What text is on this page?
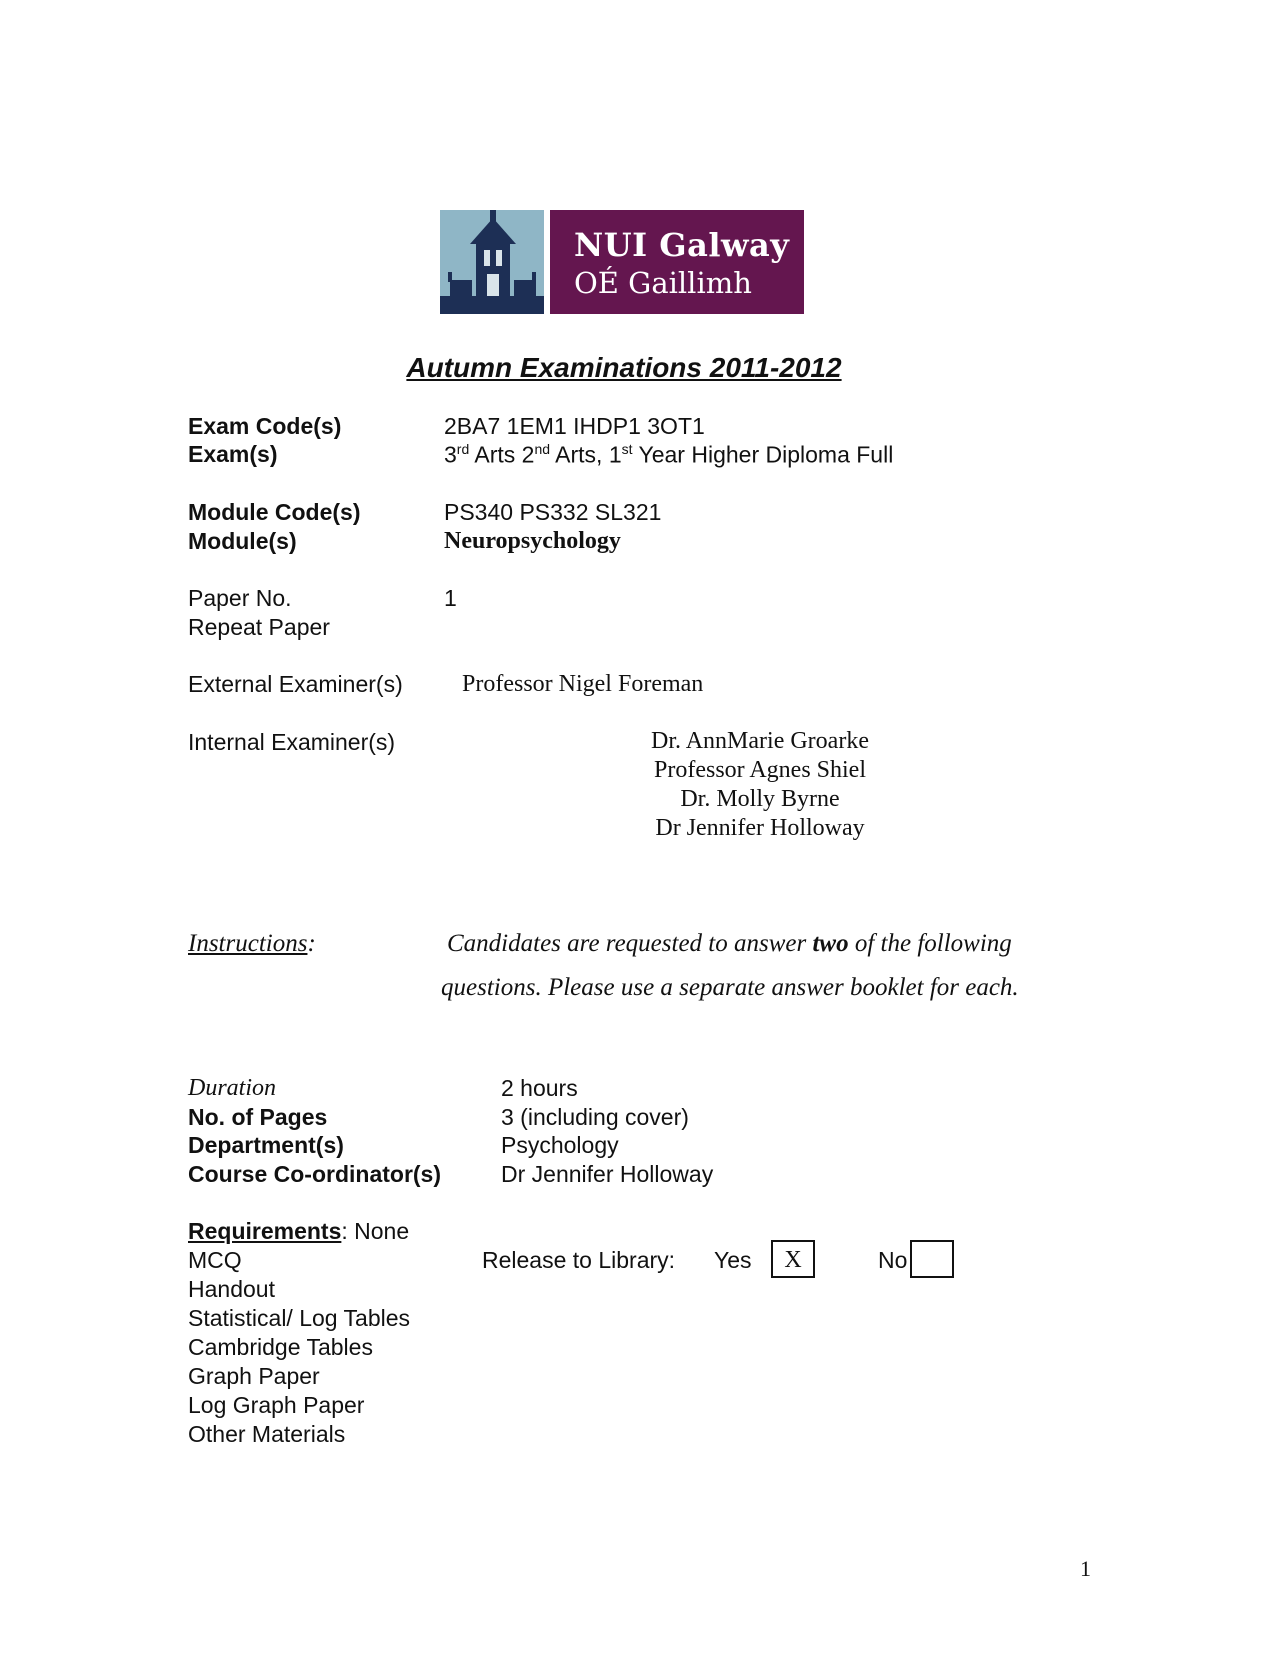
NUI Galway
OÉ Gaillimh
Autumn Examinations 2011-2012
Exam Code(s)	2BA7 1EM1 IHDP1 3OT1
Exam(s)	3rd Arts 2nd Arts, 1st Year Higher Diploma Full
Module Code(s)	PS340 PS332 SL321
Module(s)	Neuropsychology
Paper No.	1
Repeat Paper
External Examiner(s) Professor Nigel Foreman
Internal Examiner(s)	Dr. AnnMarie Groarke
Professor Agnes Shiel
Dr. Molly Byrne
Dr Jennifer Holloway
Instructions:	Candidates are requested to answer two of the following
questions. Please use a separate answer booklet for each.
Duration	2 hours
No. of Pages	3 (including cover)
Department(s)	Psychology
Course Co-ordinator(s)	Dr Jennifer Holloway
Requirements: None
MCQ
Handout
Statistical/ Log Tables
Cambridge Tables
Graph Paper
Log Graph Paper
Other Materials
Release to Library: Yes	X	No
1
